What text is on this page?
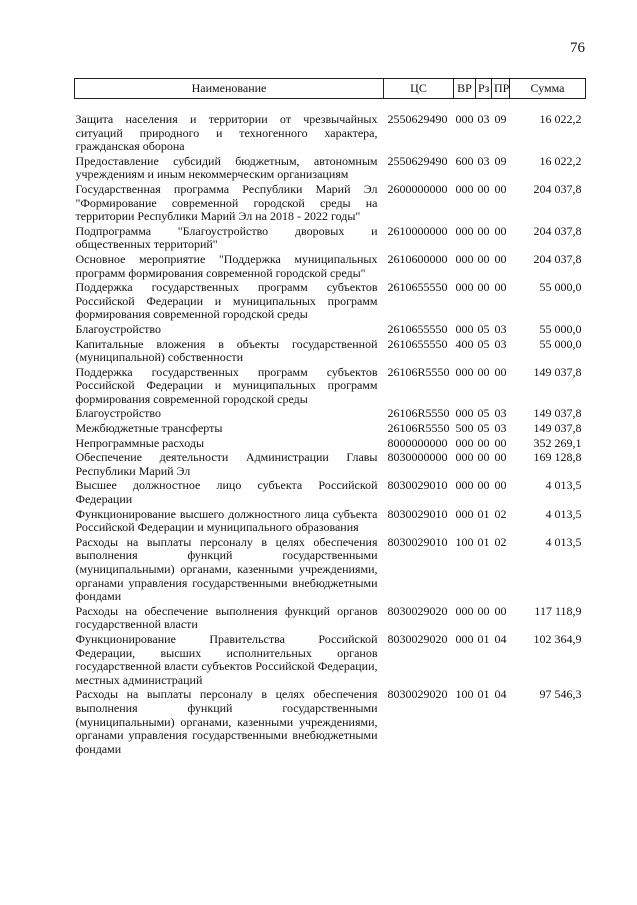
76
Наименование	ЦС	ВР	Рз	ПР	Сумма
Защита населения и территории от чрезвычайных ситуаций природного и техногенного характера, гражданская оборона	2550629490	000	03	09	16 022,2
Предоставление субсидий бюджетным, автономным учреждениям и иным некоммерческим организациям	2550629490	600	03	09	16 022,2
Государственная программа Республики Марий Эл "Формирование современной городской среды на территории Республики Марий Эл на 2018 - 2022 годы"	2600000000	000	00	00	204 037,8
Подпрограмма "Благоустройство дворовых и общественных территорий"	2610000000	000	00	00	204 037,8
Основное мероприятие "Поддержка муниципальных программ формирования современной городской среды"	2610600000	000	00	00	204 037,8
Поддержка государственных программ субъектов Российской Федерации и муниципальных программ формирования современной городской среды	2610655550	000	00	00	55 000,0
Благоустройство	2610655550	000	05	03	55 000,0
Капитальные вложения в объекты государственной (муниципальной) собственности	2610655550	400	05	03	55 000,0
Поддержка государственных программ субъектов Российской Федерации и муниципальных программ формирования современной городской среды	26106R5550	000	00	00	149 037,8
Благоустройство	26106R5550	000	05	03	149 037,8
Межбюджетные трансферты	26106R5550	500	05	03	149 037,8
Непрограммные расходы	8000000000	000	00	00	352 269,1
Обеспечение деятельности Администрации Главы Республики Марий Эл	8030000000	000	00	00	169 128,8
Высшее должностное лицо субъекта Российской Федерации	8030029010	000	00	00	4 013,5
Функционирование высшего должностного лица субъекта Российской Федерации и муниципального образования	8030029010	000	01	02	4 013,5
Расходы на выплаты персоналу в целях обеспечения выполнения функций государственными (муниципальными) органами, казенными учреждениями, органами управления государственными внебюджетными фондами	8030029010	100	01	02	4 013,5
Расходы на обеспечение выполнения функций органов государственной власти	8030029020	000	00	00	117 118,9
Функционирование Правительства Российской Федерации, высших исполнительных органов государственной власти субъектов Российской Федерации, местных администраций	8030029020	000	01	04	102 364,9
Расходы на выплаты персоналу в целях обеспечения выполнения функций государственными (муниципальными) органами, казенными учреждениями, органами управления государственными внебюджетными фондами	8030029020	100	01	04	97 546,3
